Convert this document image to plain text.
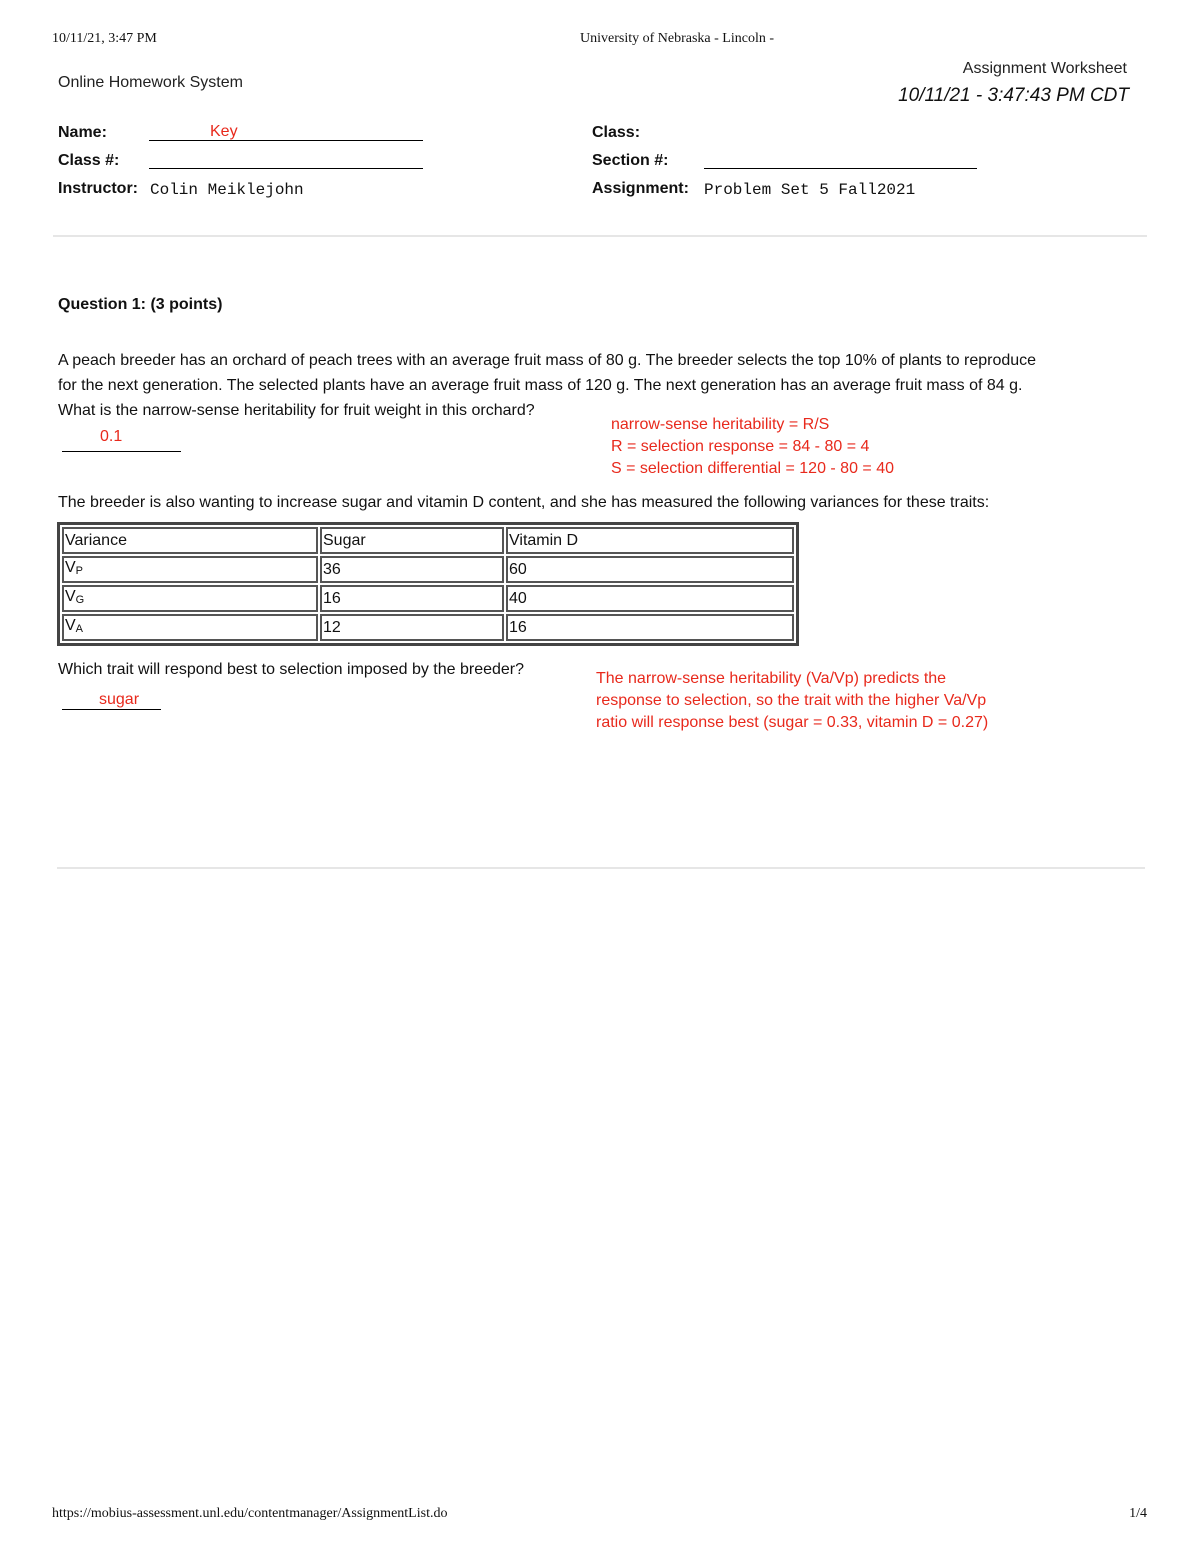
10/11/21, 3:47 PM	University of Nebraska - Lincoln -
Online Homework System
Assignment Worksheet
10/11/21 - 3:47:43 PM CDT
Name:	Key
Class #:
Instructor: Colin Meiklejohn
Class:
Section #:
Assignment: Problem Set 5 Fall2021
Question 1: (3 points)
A peach breeder has an orchard of peach trees with an average fruit mass of 80 g. The breeder selects the top 10% of plants to reproduce
for the next generation. The selected plants have an average fruit mass of 120 g. The next generation has an average fruit mass of 84 g.
What is the narrow-sense heritability for fruit weight in this orchard?
0.1
narrow-sense heritability = R/S
R = selection response = 84 - 80 = 4
S = selection differential = 120 - 80 = 40
The breeder is also wanting to increase sugar and vitamin D content, and she has measured the following variances for these traits:
Variance	Sugar	Vitamin D
$V_P$	36	60
$V_G$	16	40
$V_A$	12	16
Which trait will respond best to selection imposed by the breeder?
sugar
The narrow-sense heritability (Va/Vp) predicts the
response to selection, so the trait with the higher Va/Vp
ratio will response best (sugar = 0.33, vitamin D = 0.27)
https://mobius-assessment.unl.edu/contentmanager/AssignmentList.do	1/4
